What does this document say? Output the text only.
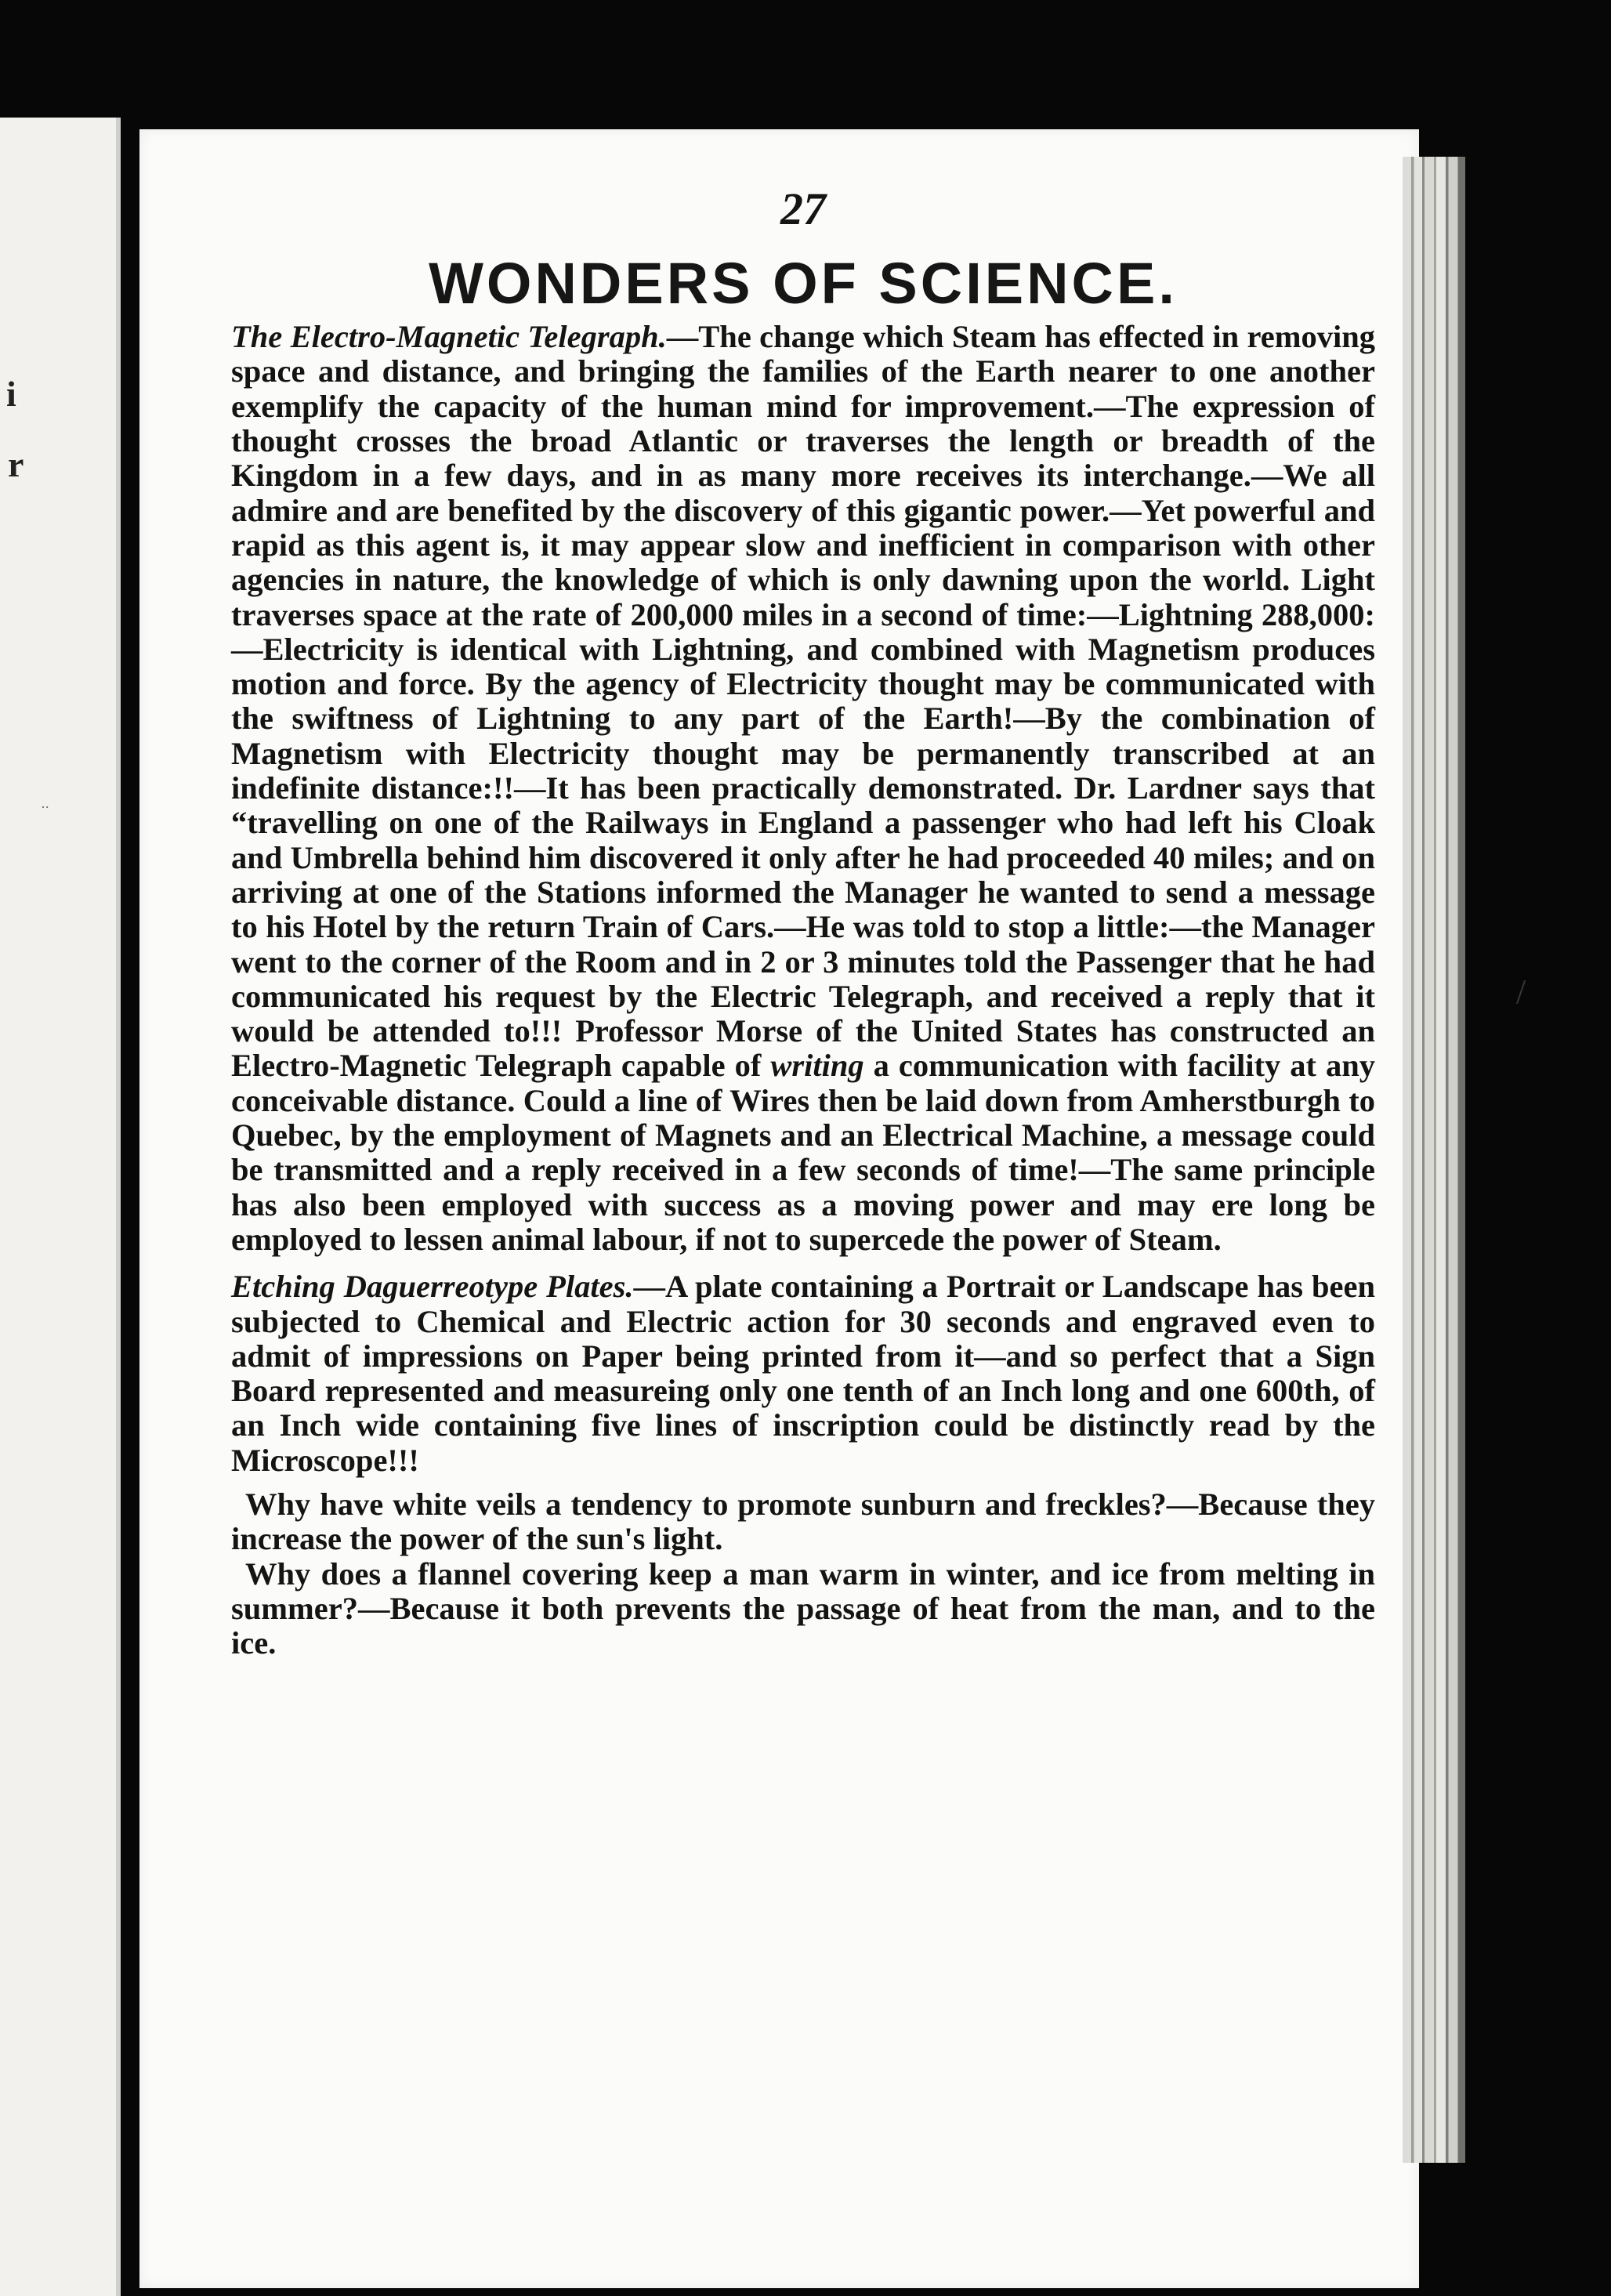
i
r
·∙
/
27
WONDERS OF SCIENCE.

The Electro-Magnetic Telegraph.—The change which Steam has effected in removing space and distance, and bringing the families of the Earth nearer to one another exemplify the capacity of the human mind for improvement.—The expression of thought crosses the broad Atlantic or traverses the length or breadth of the Kingdom in a few days, and in as many more receives its interchange.—We all admire and are benefited by the discovery of this gigantic power.—Yet powerful and rapid as this agent is, it may appear slow and inefficient in comparison with other agencies in nature, the knowledge of which is only dawning upon the world. Light traverses space at the rate of 200,000 miles in a second of time:—Lightning 288,000:—Electricity is identical with Lightning, and combined with Magnetism produces motion and force. By the agency of Electricity thought may be communicated with the swiftness of Lightning to any part of the Earth!—By the combination of Magnetism with Electricity thought may be permanently transcribed at an indefinite distance:!!—It has been practically demonstrated. Dr. Lardner says that “travelling on one of the Railways in England a passenger who had left his Cloak and Umbrella behind him discovered it only after he had proceeded 40 miles; and on arriving at one of the Stations informed the Manager he wanted to send a message to his Hotel by the return Train of Cars.—He was told to stop a little:—the Manager went to the corner of the Room and in 2 or 3 minutes told the Passenger that he had communicated his request by the Electric Telegraph, and received a reply that it would be attended to!!! Professor Morse of the United States has constructed an Electro-Magnetic Telegraph capable of writing a communication with facility at any conceivable distance. Could a line of Wires then be laid down from Amherstburgh to Quebec, by the employment of Magnets and an Electrical Machine, a message could be transmitted and a reply received in a few seconds of time!—The same principle has also been employed with success as a moving power and may ere long be employed to lessen animal labour, if not to supercede the power of Steam.

Etching Daguerreotype Plates.—A plate containing a Portrait or Landscape has been subjected to Chemical and Electric action for 30 seconds and engraved even to admit of impressions on Paper being printed from it—and so perfect that a Sign Board represented and measureing only one tenth of an Inch long and one 600th, of an Inch wide containing five lines of inscription could be distinctly read by the Microscope!!!

Why have white veils a tendency to promote sunburn and freckles?—Because they increase the power of the sun's light.

Why does a flannel covering keep a man warm in winter, and ice from melting in summer?—Because it both prevents the passage of heat from the man, and to the ice.
